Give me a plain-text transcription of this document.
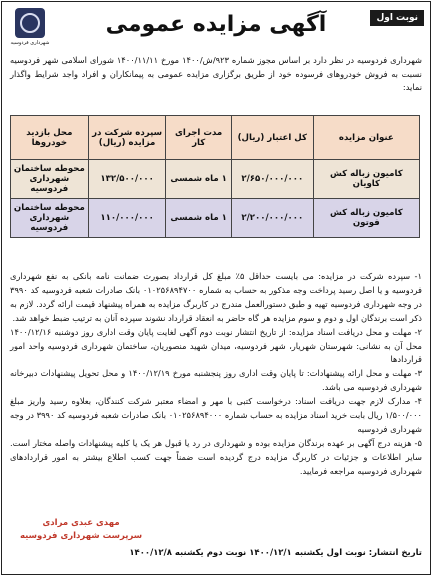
شهرداری فردوسیه
آگهی مزایده عمومی	نوبت اول
شهرداری فردوسیه در نظر دارد بر اساس مجوز شماره ۹۲۳/ش/۱۴۰۰ مورخ ۱۴۰۰/۱۱/۱۱ شورای اسلامی شهر فردوسیه نسبت به فروش خودروهای فرسوده خود از طریق برگزاری مزایده عمومی به پیمانکاران و افراد واجد شرایط واگذار نماید:
عنوان مزایده	کل اعتبار (ریال)	مدت اجرای کار	سپرده شرکت در مزایده (ریال)	محل بازدید خودروها
کامیون زباله کش کاویان	۲/۶۵۰/۰۰۰/۰۰۰	۱ ماه شمسی	۱۳۲/۵۰۰/۰۰۰	محوطه ساختمان شهرداری فردوسیه
کامیون زباله کش فوتون	۲/۲۰۰/۰۰۰/۰۰۰	۱ ماه شمسی	۱۱۰/۰۰۰/۰۰۰	محوطه ساختمان شهرداری فردوسیه

۱- سپرده شرکت در مزایده: می بایست حداقل ۵٪ مبلغ کل قرارداد بصورت ضمانت نامه بانکی به نفع شهرداری فردوسیه و یا اصل رسید پرداخت وجه مذکور به حساب به شماره ۰۱۰۲۵۶۸۹۴۷۰۰ بانک صادرات شعبه فردوسیه کد ۳۹۹۰ در وجه شهرداری فردوسیه تهیه و طبق دستورالعمل مندرج در کاربرگ مزایده به همراه پیشنهاد قیمت ارائه گردد. لازم به ذکر است برندگان اول و دوم و سوم مزایده هر گاه حاضر به انعقاد قرارداد نشوند سپرده آنان به ترتیب ضبط خواهد شد.

۲- مهلت و محل دریافت اسناد مزایده: از تاریخ انتشار نوبت دوم آگهی لغایت پایان وقت اداری روز دوشنبه ۱۴۰۰/۱۲/۱۶ محل آن به نشانی: شهرستان شهریار، شهر فردوسیه، میدان شهید منصوریان، ساختمان شهرداری فردوسیه واحد امور قراردادها

۳- مهلت و محل ارائه پیشنهادات: تا پایان وقت اداری روز پنجشنبه مورخ ۱۴۰۰/۱۲/۱۹ و محل تحویل پیشنهادات دبیرخانه شهرداری فردوسیه می باشد.

۴- مدارک لازم جهت دریافت اسناد: درخواست کتبی با مهر و امضاء معتبر شرکت کنندگان، بعلاوه رسید واریز مبلغ ۱/۵۰۰/۰۰۰ ریال بابت خرید اسناد مزایده به حساب شماره ۰۱۰۲۵۶۸۹۴۰۰۰ بانک صادرات شعبه فردوسیه کد ۳۹۹۰ در وجه شهرداری فردوسیه

۵- هزینه درج آگهی بر عهده برندگان مزایده بوده و شهرداری در رد یا قبول هر یک یا کلیه پیشنهادات واصله مختار است. سایر اطلاعات و جزئیات در کاربرگ مزایده درج گردیده است ضمناً جهت کسب اطلاع بیشتر به امور قراردادهای شهرداری فردوسیه مراجعه فرمایید.

مهدی عبدی مرادی
سرپرست شهرداری فردوسیه
تاریخ انتشار: نوبت اول یکشنبه ۱۴۰۰/۱۲/۱ نوبت دوم یکشنبه ۱۴۰۰/۱۲/۸
